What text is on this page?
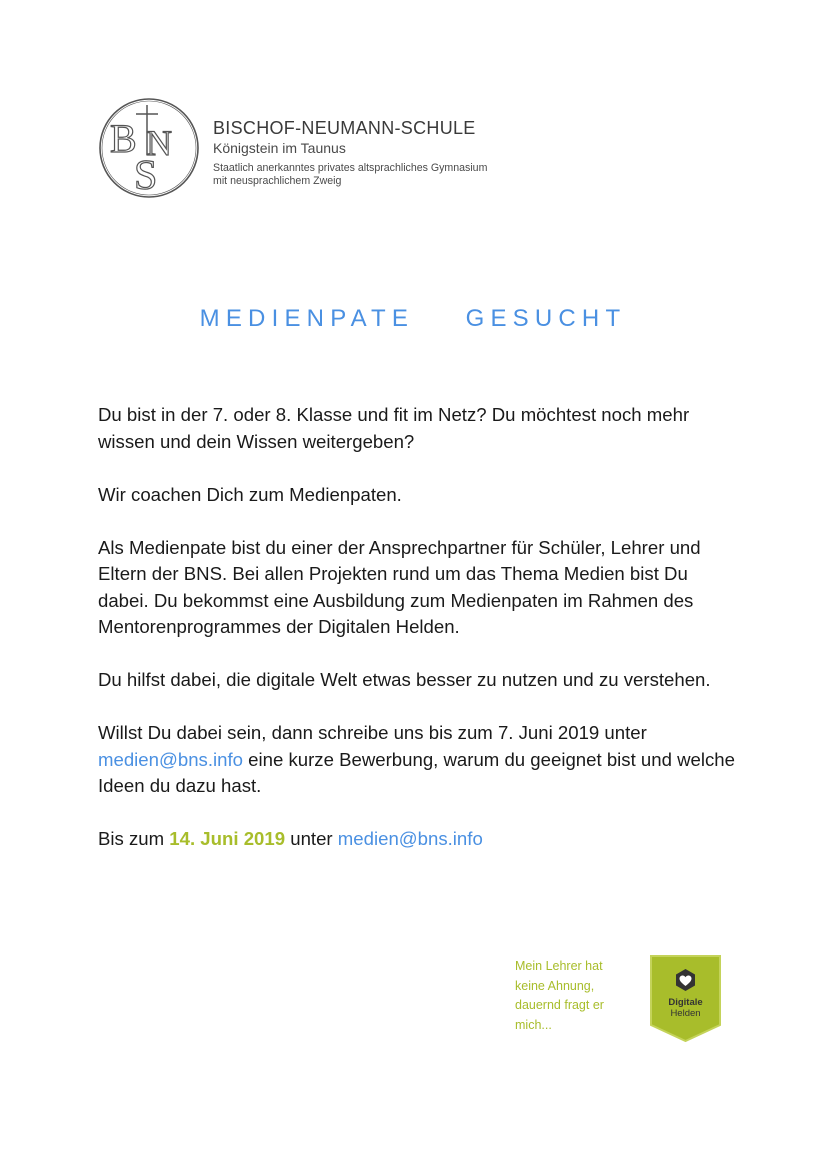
B N
S
BISCHOF-NEUMANN-SCHULE
Königstein im Taunus
Staatlich anerkanntes privates altsprachliches Gymnasium
mit neusprachlichem Zweig
MEDIENPATE    GESUCHT

Du bist in der 7. oder 8. Klasse und fit im Netz? Du möchtest noch mehr wissen und dein Wissen weitergeben?

Wir coachen Dich zum Medienpaten.

Als Medienpate bist du einer der Ansprechpartner für Schüler, Lehrer und Eltern der BNS. Bei allen Projekten rund um das Thema Medien bist Du dabei. Du bekommst eine Ausbildung zum Medienpaten im Rahmen des Mentorenprogrammes der Digitalen Helden.

Du hilfst dabei, die digitale Welt etwas besser zu nutzen und zu verstehen.

Willst Du dabei sein, dann schreibe uns bis zum 7. Juni 2019 unter medien@bns.info eine kurze Bewerbung, warum du geeignet bist und welche Ideen du dazu hast.

Bis zum 14. Juni 2019 unter medien@bns.info

Mein Lehrer hat
keine Ahnung,
dauernd fragt er
mich...
Digitale
Helden
